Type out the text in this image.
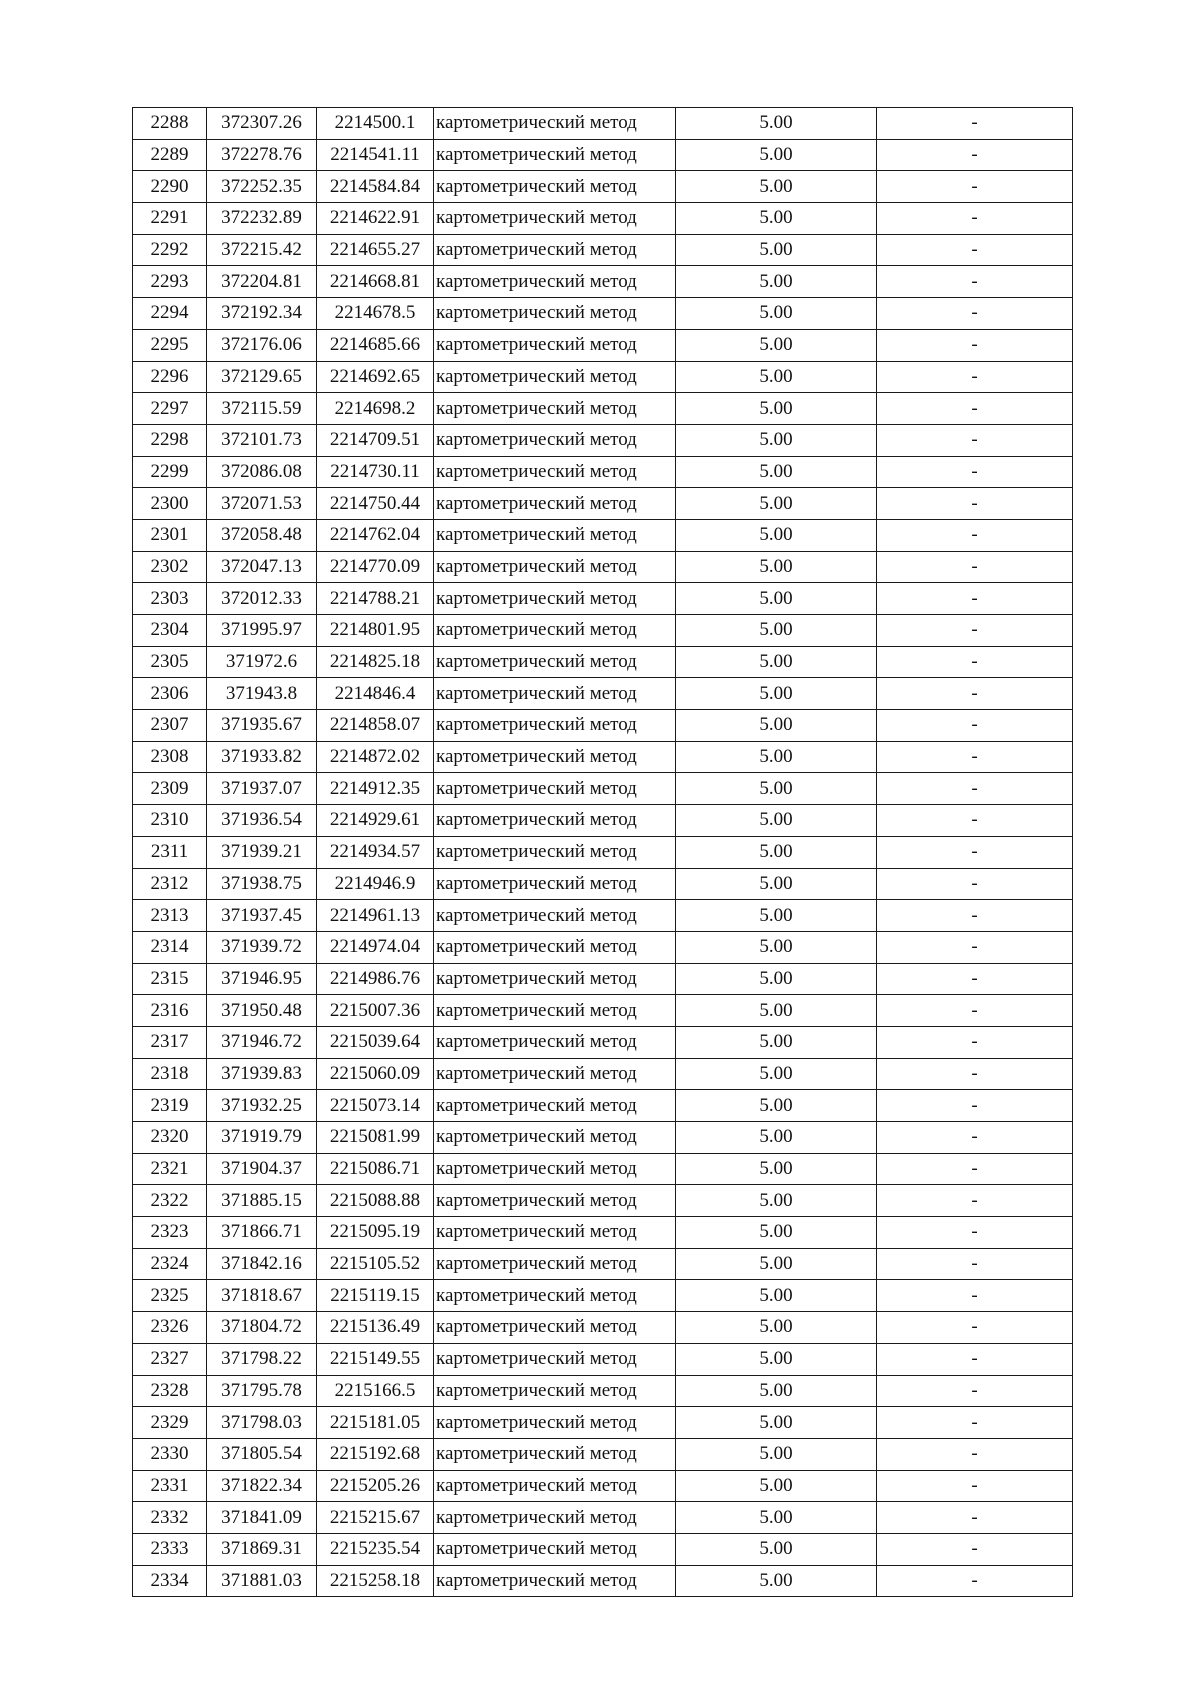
2288	372307.26	2214500.1	картометрический метод	5.00	-
2289	372278.76	2214541.11	картометрический метод	5.00	-
2290	372252.35	2214584.84	картометрический метод	5.00	-
2291	372232.89	2214622.91	картометрический метод	5.00	-
2292	372215.42	2214655.27	картометрический метод	5.00	-
2293	372204.81	2214668.81	картометрический метод	5.00	-
2294	372192.34	2214678.5	картометрический метод	5.00	-
2295	372176.06	2214685.66	картометрический метод	5.00	-
2296	372129.65	2214692.65	картометрический метод	5.00	-
2297	372115.59	2214698.2	картометрический метод	5.00	-
2298	372101.73	2214709.51	картометрический метод	5.00	-
2299	372086.08	2214730.11	картометрический метод	5.00	-
2300	372071.53	2214750.44	картометрический метод	5.00	-
2301	372058.48	2214762.04	картометрический метод	5.00	-
2302	372047.13	2214770.09	картометрический метод	5.00	-
2303	372012.33	2214788.21	картометрический метод	5.00	-
2304	371995.97	2214801.95	картометрический метод	5.00	-
2305	371972.6	2214825.18	картометрический метод	5.00	-
2306	371943.8	2214846.4	картометрический метод	5.00	-
2307	371935.67	2214858.07	картометрический метод	5.00	-
2308	371933.82	2214872.02	картометрический метод	5.00	-
2309	371937.07	2214912.35	картометрический метод	5.00	-
2310	371936.54	2214929.61	картометрический метод	5.00	-
2311	371939.21	2214934.57	картометрический метод	5.00	-
2312	371938.75	2214946.9	картометрический метод	5.00	-
2313	371937.45	2214961.13	картометрический метод	5.00	-
2314	371939.72	2214974.04	картометрический метод	5.00	-
2315	371946.95	2214986.76	картометрический метод	5.00	-
2316	371950.48	2215007.36	картометрический метод	5.00	-
2317	371946.72	2215039.64	картометрический метод	5.00	-
2318	371939.83	2215060.09	картометрический метод	5.00	-
2319	371932.25	2215073.14	картометрический метод	5.00	-
2320	371919.79	2215081.99	картометрический метод	5.00	-
2321	371904.37	2215086.71	картометрический метод	5.00	-
2322	371885.15	2215088.88	картометрический метод	5.00	-
2323	371866.71	2215095.19	картометрический метод	5.00	-
2324	371842.16	2215105.52	картометрический метод	5.00	-
2325	371818.67	2215119.15	картометрический метод	5.00	-
2326	371804.72	2215136.49	картометрический метод	5.00	-
2327	371798.22	2215149.55	картометрический метод	5.00	-
2328	371795.78	2215166.5	картометрический метод	5.00	-
2329	371798.03	2215181.05	картометрический метод	5.00	-
2330	371805.54	2215192.68	картометрический метод	5.00	-
2331	371822.34	2215205.26	картометрический метод	5.00	-
2332	371841.09	2215215.67	картометрический метод	5.00	-
2333	371869.31	2215235.54	картометрический метод	5.00	-
2334	371881.03	2215258.18	картометрический метод	5.00	-
